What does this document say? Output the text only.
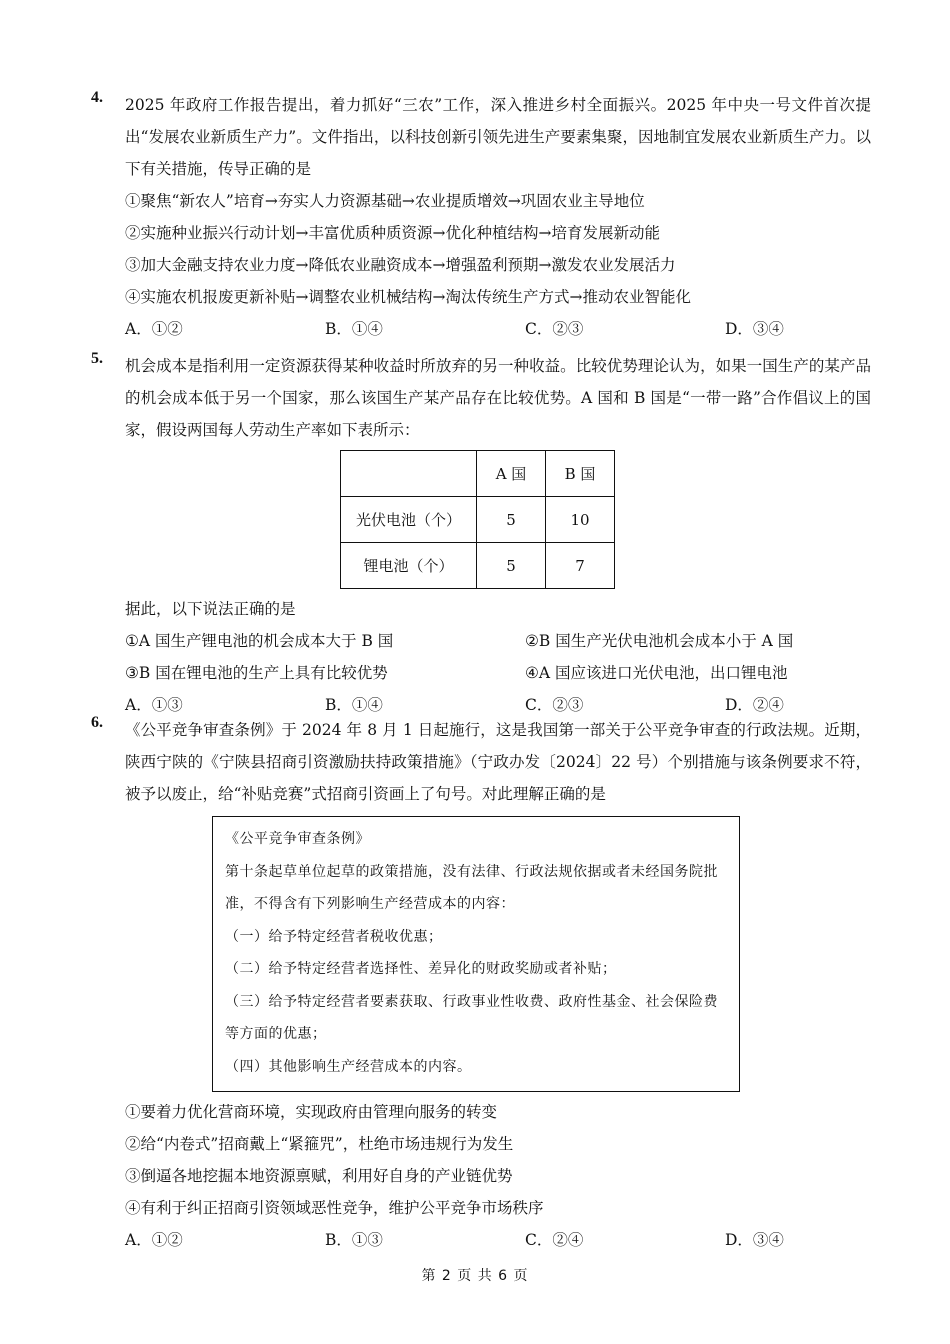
4. 2025 年政府工作报告提出，着力抓好“三农”工作，深入推进乡村全面振兴。2025 年中央一号文件首次提出“发展农业新质生产力”。文件指出，以科技创新引领先进生产要素集聚，因地制宜发展农业新质生产力。以下有关措施，传导正确的是
①聚焦“新农人”培育→夯实人力资源基础→农业提质增效→巩固农业主导地位
②实施种业振兴行动计划→丰富优质种质资源→优化种植结构→培育发展新动能
③加大金融支持农业力度→降低农业融资成本→增强盈利预期→激发农业发展活力
④实施农机报废更新补贴→调整农业机械结构→淘汰传统生产方式→推动农业智能化
A．①②	B．①④	C．②③	D．③④
5. 机会成本是指利用一定资源获得某种收益时所放弃的另一种收益。比较优势理论认为，如果一国生产的某产品的机会成本低于另一个国家，那么该国生产某产品存在比较优势。A 国和 B 国是“一带一路”合作倡议上的国家，假设两国每人劳动生产率如下表所示：
	A 国	B 国
光伏电池（个）	5	10
锂电池（个）	5	7
据此，以下说法正确的是
①A 国生产锂电池的机会成本大于 B 国	②B 国生产光伏电池机会成本小于 A 国
③B 国在锂电池的生产上具有比较优势	④A 国应该进口光伏电池，出口锂电池
A．①③	B．①④	C．②③	D．②④
6. 《公平竞争审查条例》于 2024 年 8 月 1 日起施行，这是我国第一部关于公平竞争审查的行政法规。近期，陕西宁陕的《宁陕县招商引资激励扶持政策措施》（宁政办发〔2024〕22 号）个别措施与该条例要求不符，被予以废止，给“补贴竞赛”式招商引资画上了句号。对此理解正确的是
《公平竞争审查条例》
第十条起草单位起草的政策措施，没有法律、行政法规依据或者未经国务院批准，不得含有下列影响生产经营成本的内容：
（一）给予特定经营者税收优惠；
（二）给予特定经营者选择性、差异化的财政奖励或者补贴；
（三）给予特定经营者要素获取、行政事业性收费、政府性基金、社会保险费等方面的优惠；
（四）其他影响生产经营成本的内容。
①要着力优化营商环境，实现政府由管理向服务的转变
②给“内卷式”招商戴上“紧箍咒”，杜绝市场违规行为发生
③倒逼各地挖掘本地资源禀赋，利用好自身的产业链优势
④有利于纠正招商引资领域恶性竞争，维护公平竞争市场秩序
A．①②	B．①③	C．②④	D．③④
第 2 页 共 6 页
